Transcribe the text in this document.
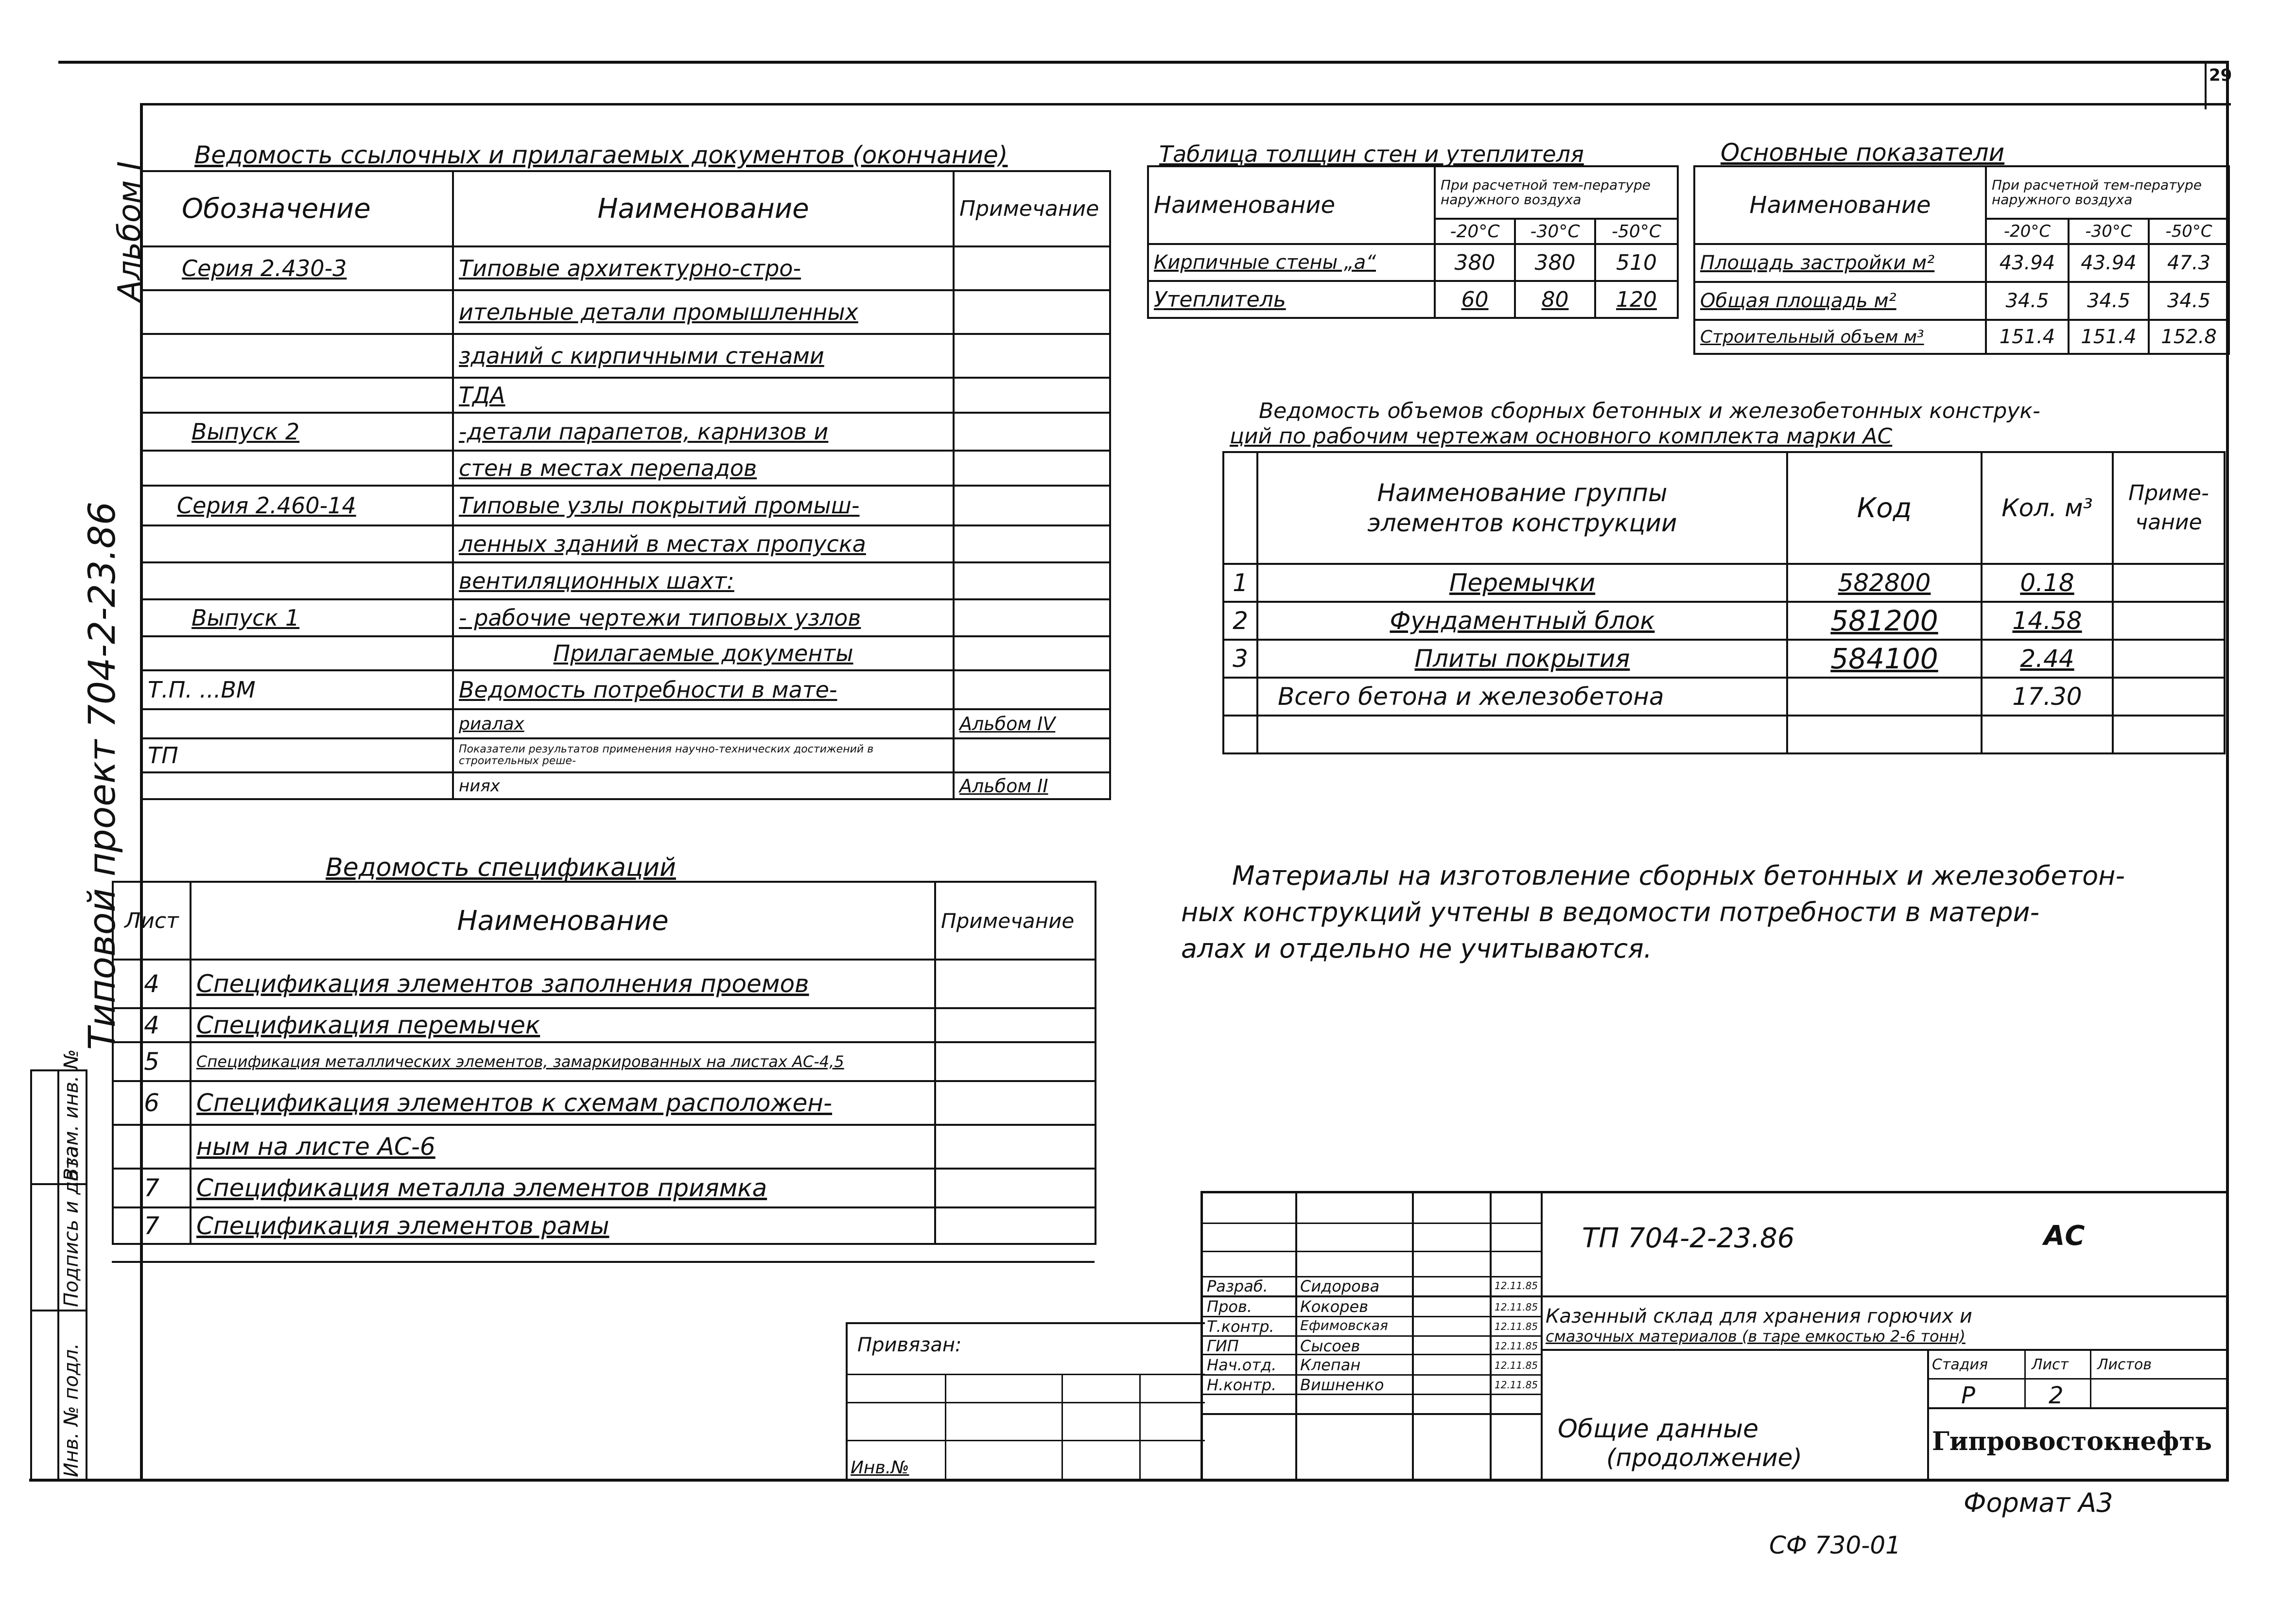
29
Альбом I
Типовой проект 704-2-23.86
Инв. № подл.
Подпись и дата
Взам. инв. №
Ведомость ссылочных и прилагаемых документов (окончание)
Обозначение	Наименование	Примечание
Серия 2.430-3	Типовые архитектурно-стро-	
	ительные детали промышленных	
	зданий с кирпичными стенами	
	ТДА	
Выпуск 2	-детали парапетов, карнизов и	
	стен в местах перепадов	
Серия 2.460-14	Типовые узлы покрытий промыш-	
	ленных зданий в местах пропуска	
	вентиляционных шахт:	
Выпуск 1	- рабочие чертежи типовых узлов	
	Прилагаемые документы	
Т.П. ...ВМ	Ведомость потребности в мате-	
	риалах	Альбом IV
ТП	Показатели результатов применения научно-технических достижений в строительных реше-	
	ниях	Альбом II
Ведомость спецификаций
Лист	Наименование	Примечание
4	Спецификация элементов заполнения проемов	
4	Спецификация перемычек	
5	Спецификация металлических элементов, замаркированных на листах АС-4,5	
6	Спецификация элементов к схемам расположен-	
	ным на листе АС-6	
7	Спецификация металла элементов приямка	
7	Спецификация элементов рамы	
Таблица толщин стен и утеплителя
Наименование	При расчетной тем-пературе наружного воздуха		
	-20°С	-30°С	-50°С
Кирпичные стены „a“	380	380	510
Утеплитель	60	80	120
Основные показатели
Наименование	При расчетной тем-пературе наружного воздуха		
	-20°С	-30°С	-50°С
Площадь застройки м²	43.94	43.94	47.3
Общая площадь м²	34.5	34.5	34.5
Строительный объем м³	151.4	151.4	152.8
Ведомость объемов сборных бетонных и железобетонных конструк-
ций по рабочим чертежам основного комплекта марки АС
	Наименование группы элементов конструкции	Код	Кол. м³	Приме-чание
1	Перемычки	582800	0.18	
2	Фундаментный блок	581200	14.58	
3	Плиты покрытия	584100	2.44	
	Всего бетона и железобетона		17.30	

Материалы на изготовление сборных бетонных и железобетон-
ных конструкций учтены в ведомости потребности в матери-
алах и отдельно не учитываются.
ТП 704-2-23.86	АС
Казенный склад для хранения горючих и
смазочных материалов (в таре емкостью 2-6 тонн)
Общие данные
(продолжение)
Стадия	Лист Листов
Р	2
Гипровостокнефть
Разраб. Сидорова	12.11.85
Пров.	Кокорев	12.11.85
Т.контр. Ефимовская	12.11.85
ГИП	Сысоев	12.11.85
Нач.отд. Клепан	12.11.85
Н.контр. Вишненко	12.11.85
Привязан:
Инв.№
Формат А3
СФ 730-01
